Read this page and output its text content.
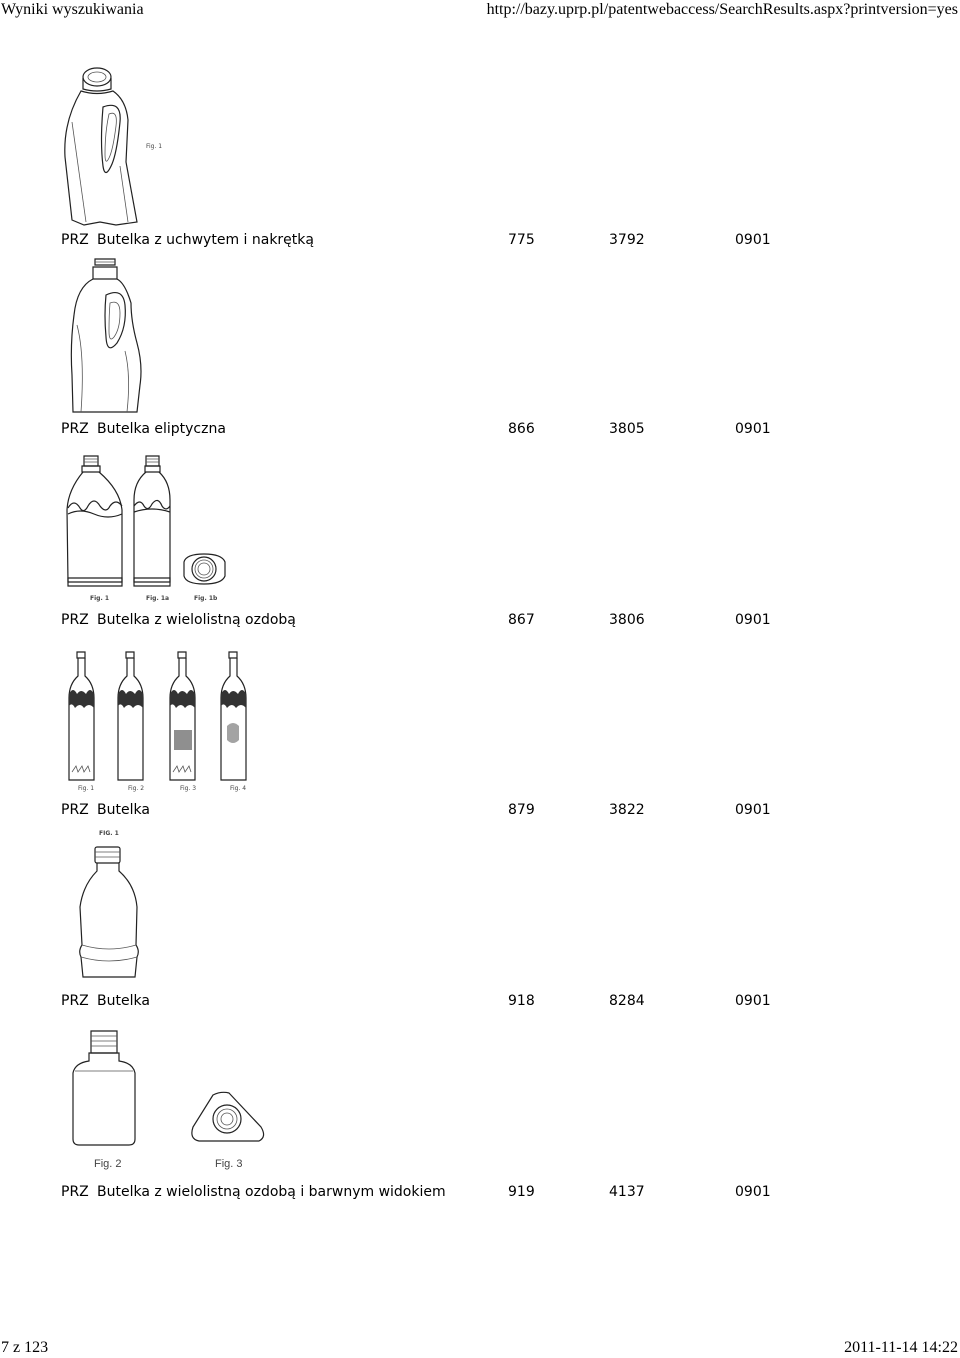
Wyniki wyszukiwania	http://bazy.uprp.pl/patentwebaccess/SearchResults.aspx?printversion=yes
Fig. 1
PRZ Butelka z uchwytem i nakrętką	775	3792	0901
PRZ Butelka eliptyczna	866	3805	0901
Fig. 1	Fig. 1a	Fig. 1b
PRZ Butelka z wielolistną ozdobą	867	3806	0901
Fig. 1	Fig. 2	Fig. 3	Fig. 4
PRZ Butelka	879	3822	0901
FIG. 1
PRZ Butelka	918	8284	0901
Fig. 2	Fig. 3
PRZ Butelka z wielolistną ozdobą i barwnym widokiem	919	4137	0901
7 z 123	2011-11-14 14:22
